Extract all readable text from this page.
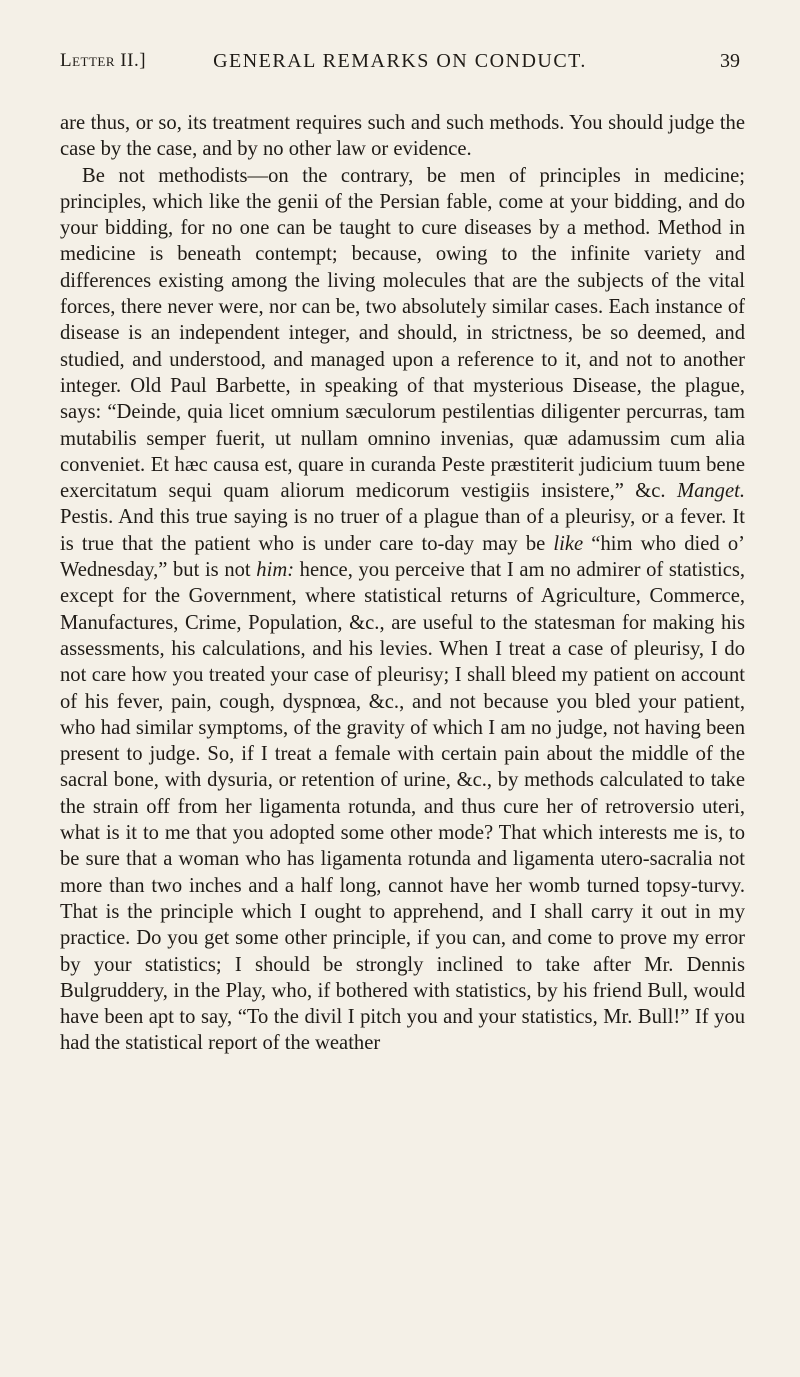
Letter II.]	GENERAL REMARKS ON CONDUCT.	39

are thus, or so, its treatment requires such and such methods. You should judge the case by the case, and by no other law or evidence.

Be not methodists—on the contrary, be men of principles in medicine; principles, which like the genii of the Persian fable, come at your bidding, and do your bidding, for no one can be taught to cure diseases by a method. Method in medicine is beneath contempt; because, owing to the infinite variety and differences existing among the living molecules that are the subjects of the vital forces, there never were, nor can be, two absolutely similar cases. Each instance of disease is an independent integer, and should, in strictness, be so deemed, and studied, and understood, and managed upon a reference to it, and not to another integer. Old Paul Barbette, in speaking of that mysterious Disease, the plague, says: “Deinde, quia licet omnium sæculorum pestilentias diligenter percurras, tam mutabilis semper fuerit, ut nullam omnino invenias, quæ adamussim cum alia conveniet. Et hæc causa est, quare in curanda Peste præstiterit judicium tuum bene exercitatum sequi quam aliorum medicorum vestigiis insistere,” &c. Manget. Pestis. And this true saying is no truer of a plague than of a pleurisy, or a fever. It is true that the patient who is under care to-day may be like “him who died o’ Wednesday,” but is not him: hence, you perceive that I am no admirer of statistics, except for the Government, where statistical returns of Agriculture, Commerce, Manufactures, Crime, Population, &c., are useful to the statesman for making his assessments, his calculations, and his levies. When I treat a case of pleurisy, I do not care how you treated your case of pleurisy; I shall bleed my patient on account of his fever, pain, cough, dyspnœa, &c., and not because you bled your patient, who had similar symptoms, of the gravity of which I am no judge, not having been present to judge. So, if I treat a female with certain pain about the middle of the sacral bone, with dysuria, or retention of urine, &c., by methods calculated to take the strain off from her ligamenta rotunda, and thus cure her of retroversio uteri, what is it to me that you adopted some other mode? That which interests me is, to be sure that a woman who has ligamenta rotunda and ligamenta utero-sacralia not more than two inches and a half long, cannot have her womb turned topsy-turvy. That is the principle which I ought to apprehend, and I shall carry it out in my practice. Do you get some other principle, if you can, and come to prove my error by your statistics; I should be strongly inclined to take after Mr. Dennis Bulgruddery, in the Play, who, if bothered with statistics, by his friend Bull, would have been apt to say, “To the divil I pitch you and your statistics, Mr. Bull!” If you had the statistical report of the weather
